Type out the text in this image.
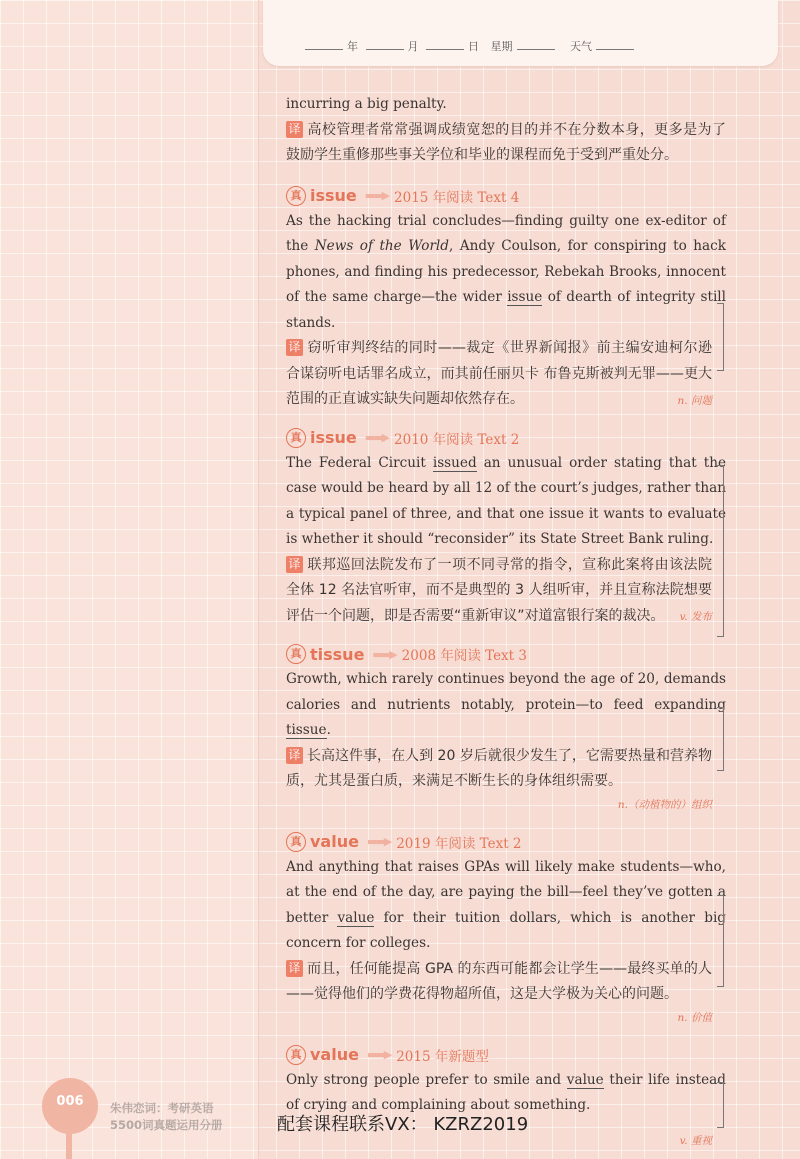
年	月	日 星期	天气

incurring a big penalty.

译 高校管理者常常强调成绩宽恕的目的并不在分数本身，更多是为了鼓励学生重修那些事关学位和毕业的课程而免于受到严重处分。

真 issue ▬▬▶ 2015 年阅读 Text 4

As the hacking trial concludes—finding guilty one ex-editor of the News of the World, Andy Coulson, for conspiring to hack phones, and finding his predecessor, Rebekah Brooks, innocent of the same charge—the wider issue of dearth of integrity still stands.

译 窃听审判终结的同时——裁定《世界新闻报》前主编安迪柯尔逊合谋窃听电话罪名成立，而其前任丽贝卡 布鲁克斯被判无罪——更大范围的正直诚实缺失问题却依然存在。	n. 问题
真 issue ▬▬▶ 2010 年阅读 Text 2

The Federal Circuit issued an unusual order stating that the case would be heard by all 12 of the court’s judges, rather than a typical panel of three, and that one issue it wants to evaluate is whether it should “reconsider” its State Street Bank ruling.

译 联邦巡回法院发布了一项不同寻常的指令，宣称此案将由该法院全体 12 名法官听审，而不是典型的 3 人组听审，并且宣称法院想要评估一个问题，即是否需要“重新审议”对道富银行案的裁决。	v. 发布
真 tissue ▬▬▶ 2008 年阅读 Text 3

Growth, which rarely continues beyond the age of 20, demands calories and nutrients notably, protein—to feed expanding tissue.

译 长高这件事，在人到 20 岁后就很少发生了，它需要热量和营养物质，尤其是蛋白质，来满足不断生长的身体组织需要。

n.（动植物的）组织
真 value ▬▬▶ 2019 年阅读 Text 2

And anything that raises GPAs will likely make students—who, at the end of the day, are paying the bill—feel they’ve gotten a better value for their tuition dollars, which is another big concern for colleges.

译 而且，任何能提高 GPA 的东西可能都会让学生——最终买单的人——觉得他们的学费花得物超所值，这是大学极为关心的问题。

n. 价值
真 value ▬▬▶ 2015 年新题型

Only strong people prefer to smile and value their life instead of crying and complaining about something.

v. 重视
006	朱伟恋词：考研英语
5500词真题运用分册	配套课程联系VX： KZRZ2019
